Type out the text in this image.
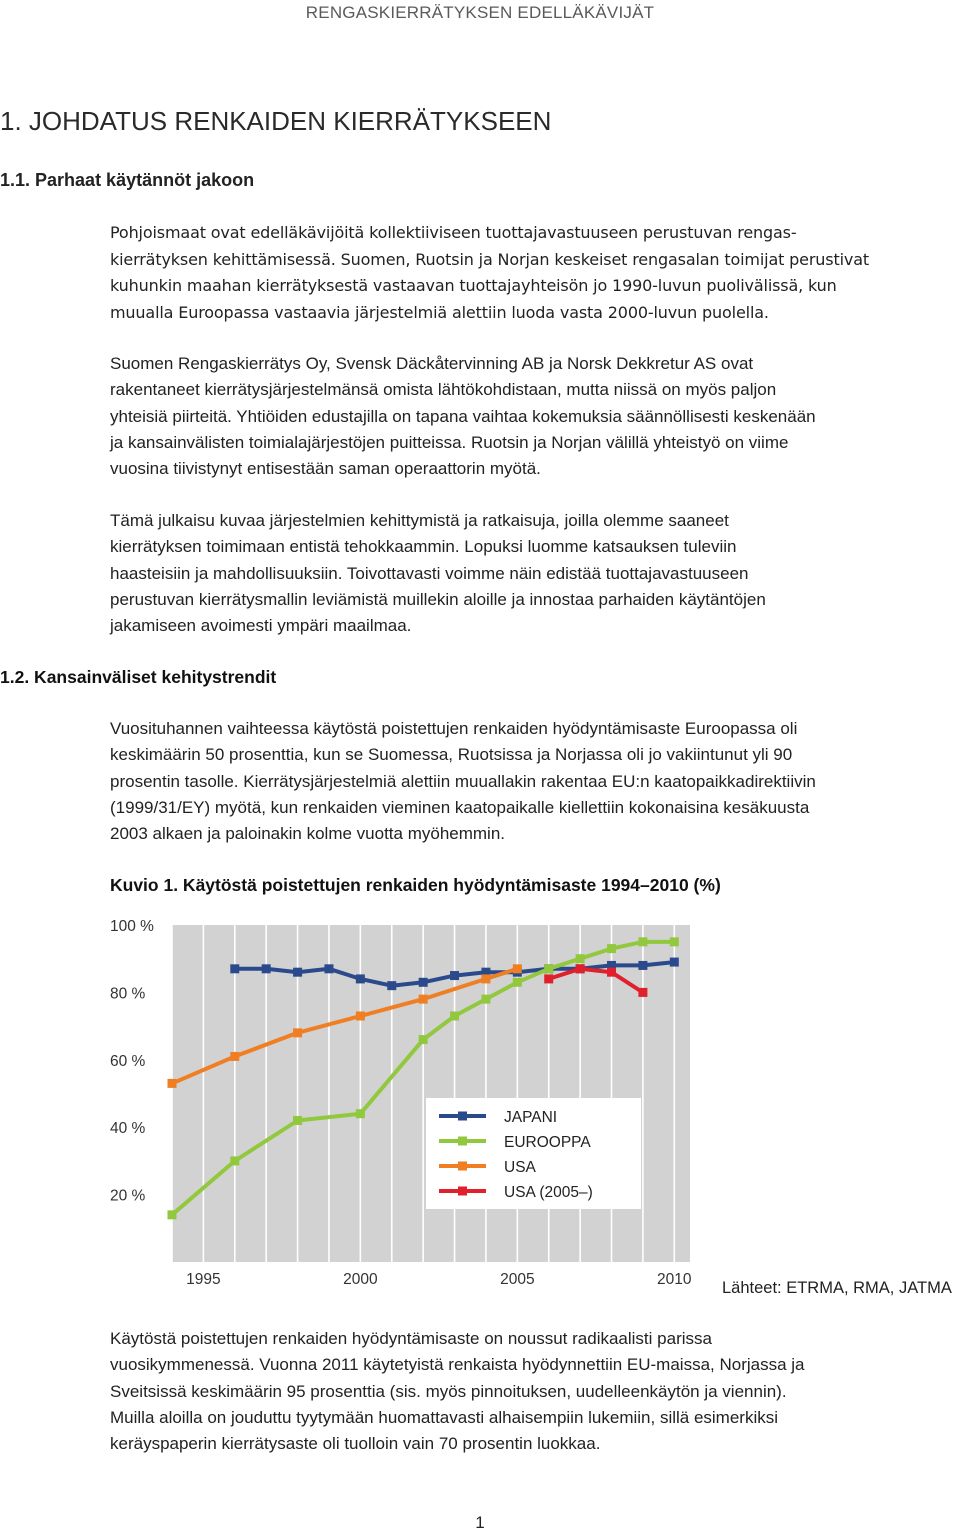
RENGASKIERRÄTYKSEN EDELLÄKÄVIJÄT
1. JOHDATUS RENKAIDEN KIERRÄTYKSEEN
1.1. Parhaat käytännöt jakoon
Pohjoismaat ovat edelläkävijöitä kollektiiviseen tuottajavastuuseen perustuvan rengas-
kierrätyksen kehittämisessä. Suomen, Ruotsin ja Norjan keskeiset rengasalan toimijat perustivat
kuhunkin maahan kierrätyksestä vastaavan tuottajayhteisön jo 1990-luvun puolivälissä, kun
muualla Euroopassa vastaavia järjestelmiä alettiin luoda vasta 2000-luvun puolella.
Suomen Rengaskierrätys Oy, Svensk Däckåtervinning AB ja Norsk Dekkretur AS ovat
rakentaneet kierrätysjärjestelmänsä omista lähtökohdistaan, mutta niissä on myös paljon
yhteisiä piirteitä. Yhtiöiden edustajilla on tapana vaihtaa kokemuksia säännöllisesti keskenään
ja kansainvälisten toimialajärjestöjen puitteissa. Ruotsin ja Norjan välillä yhteistyö on viime
vuosina tiivistynyt entisestään saman operaattorin myötä.
Tämä julkaisu kuvaa järjestelmien kehittymistä ja ratkaisuja, joilla olemme saaneet
kierrätyksen toimimaan entistä tehokkaammin. Lopuksi luomme katsauksen tuleviin
haasteisiin ja mahdollisuuksiin. Toivottavasti voimme näin edistää tuottajavastuuseen
perustuvan kierrätysmallin leviämistä muillekin aloille ja innostaa parhaiden käytäntöjen
jakamiseen avoimesti ympäri maailmaa.
1.2. Kansainväliset kehitystrendit
Vuosituhannen vaihteessa käytöstä poistettujen renkaiden hyödyntämisaste Euroopassa oli
keskimäärin 50 prosenttia, kun se Suomessa, Ruotsissa ja Norjassa oli jo vakiintunut yli 90
prosentin tasolle. Kierrätysjärjestelmiä alettiin muuallakin rakentaa EU:n kaatopaikkadirektiivin
(1999/31/EY) myötä, kun renkaiden vieminen kaatopaikalle kiellettiin kokonaisina kesäkuusta
2003 alkaen ja paloinakin kolme vuotta myöhemmin.
Kuvio 1. Käytöstä poistettujen renkaiden hyödyntämisaste 1994–2010 (%)
100 %
80 %
60 %
40 %
20 %
1995	2000	2005	2010
JAPANI
EUROOPPA
USA
USA (2005–)
Lähteet: ETRMA, RMA, JATMA
Käytöstä poistettujen renkaiden hyödyntämisaste on noussut radikaalisti parissa
vuosikymmenessä. Vuonna 2011 käytetyistä renkaista hyödynnettiin EU-maissa, Norjassa ja
Sveitsissä keskimäärin 95 prosenttia (sis. myös pinnoituksen, uudelleenkäytön ja viennin).
Muilla aloilla on jouduttu tyytymään huomattavasti alhaisempiin lukemiin, sillä esimerkiksi
keräyspaperin kierrätysaste oli tuolloin vain 70 prosentin luokkaa.
1
